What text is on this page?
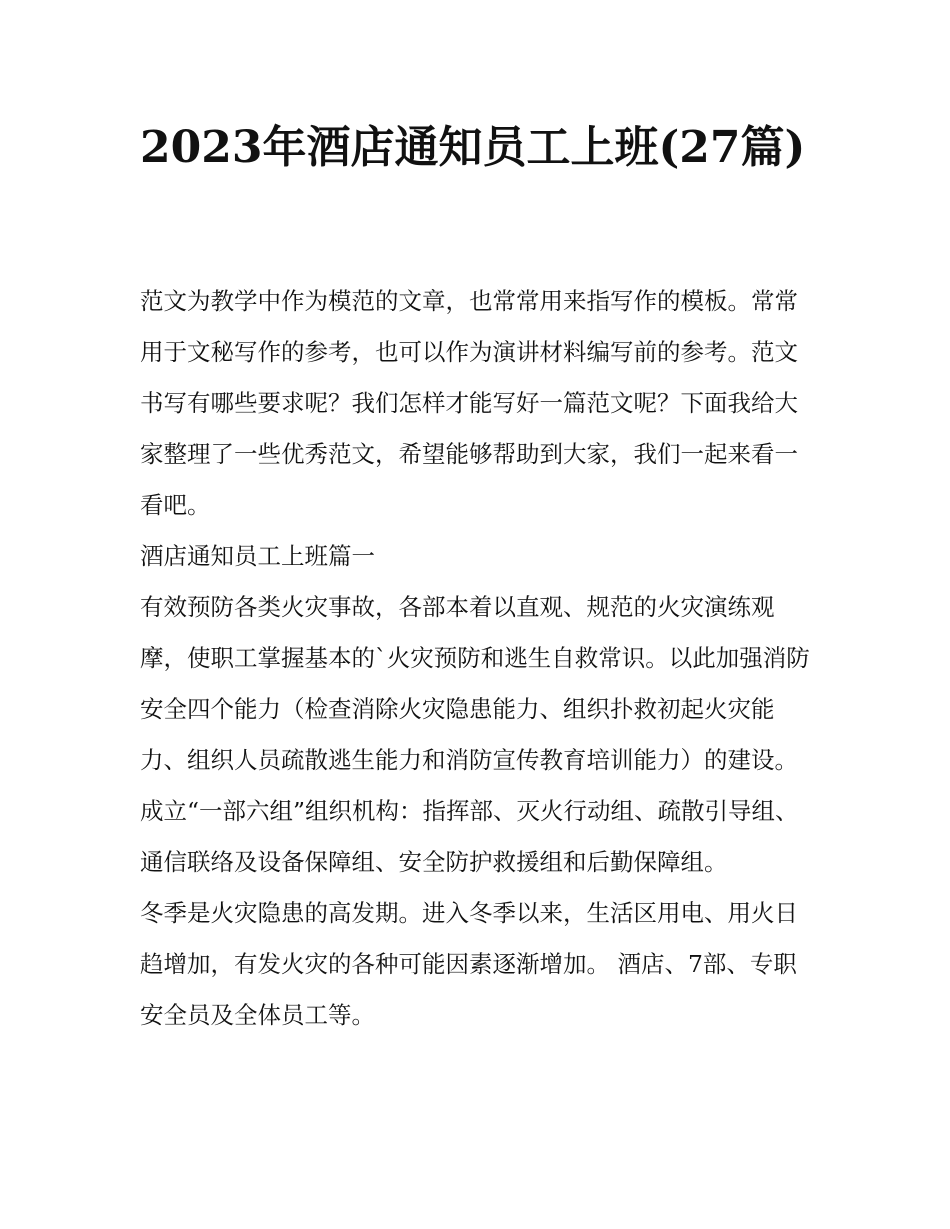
2023年酒店通知员工上班(27篇)

范文为教学中作为模范的文章，也常常用来指写作的模板。常常用于文秘写作的参考，也可以作为演讲材料编写前的参考。范文书写有哪些要求呢？我们怎样才能写好一篇范文呢？下面我给大家整理了一些优秀范文，希望能够帮助到大家，我们一起来看一看吧。

酒店通知员工上班篇一

有效预防各类火灾事故，各部本着以直观、规范的火灾演练观摩，使职工掌握基本的`火灾预防和逃生自救常识。以此加强消防安全四个能力（检查消除火灾隐患能力、组织扑救初起火灾能力、组织人员疏散逃生能力和消防宣传教育培训能力）的建设。

成立“一部六组”组织机构：指挥部、灭火行动组、疏散引导组、通信联络及设备保障组、安全防护救援组和后勤保障组。

冬季是火灾隐患的高发期。进入冬季以来，生活区用电、用火日趋增加，有发火灾的各种可能因素逐渐增加。 酒店、7部、专职安全员及全体员工等。
